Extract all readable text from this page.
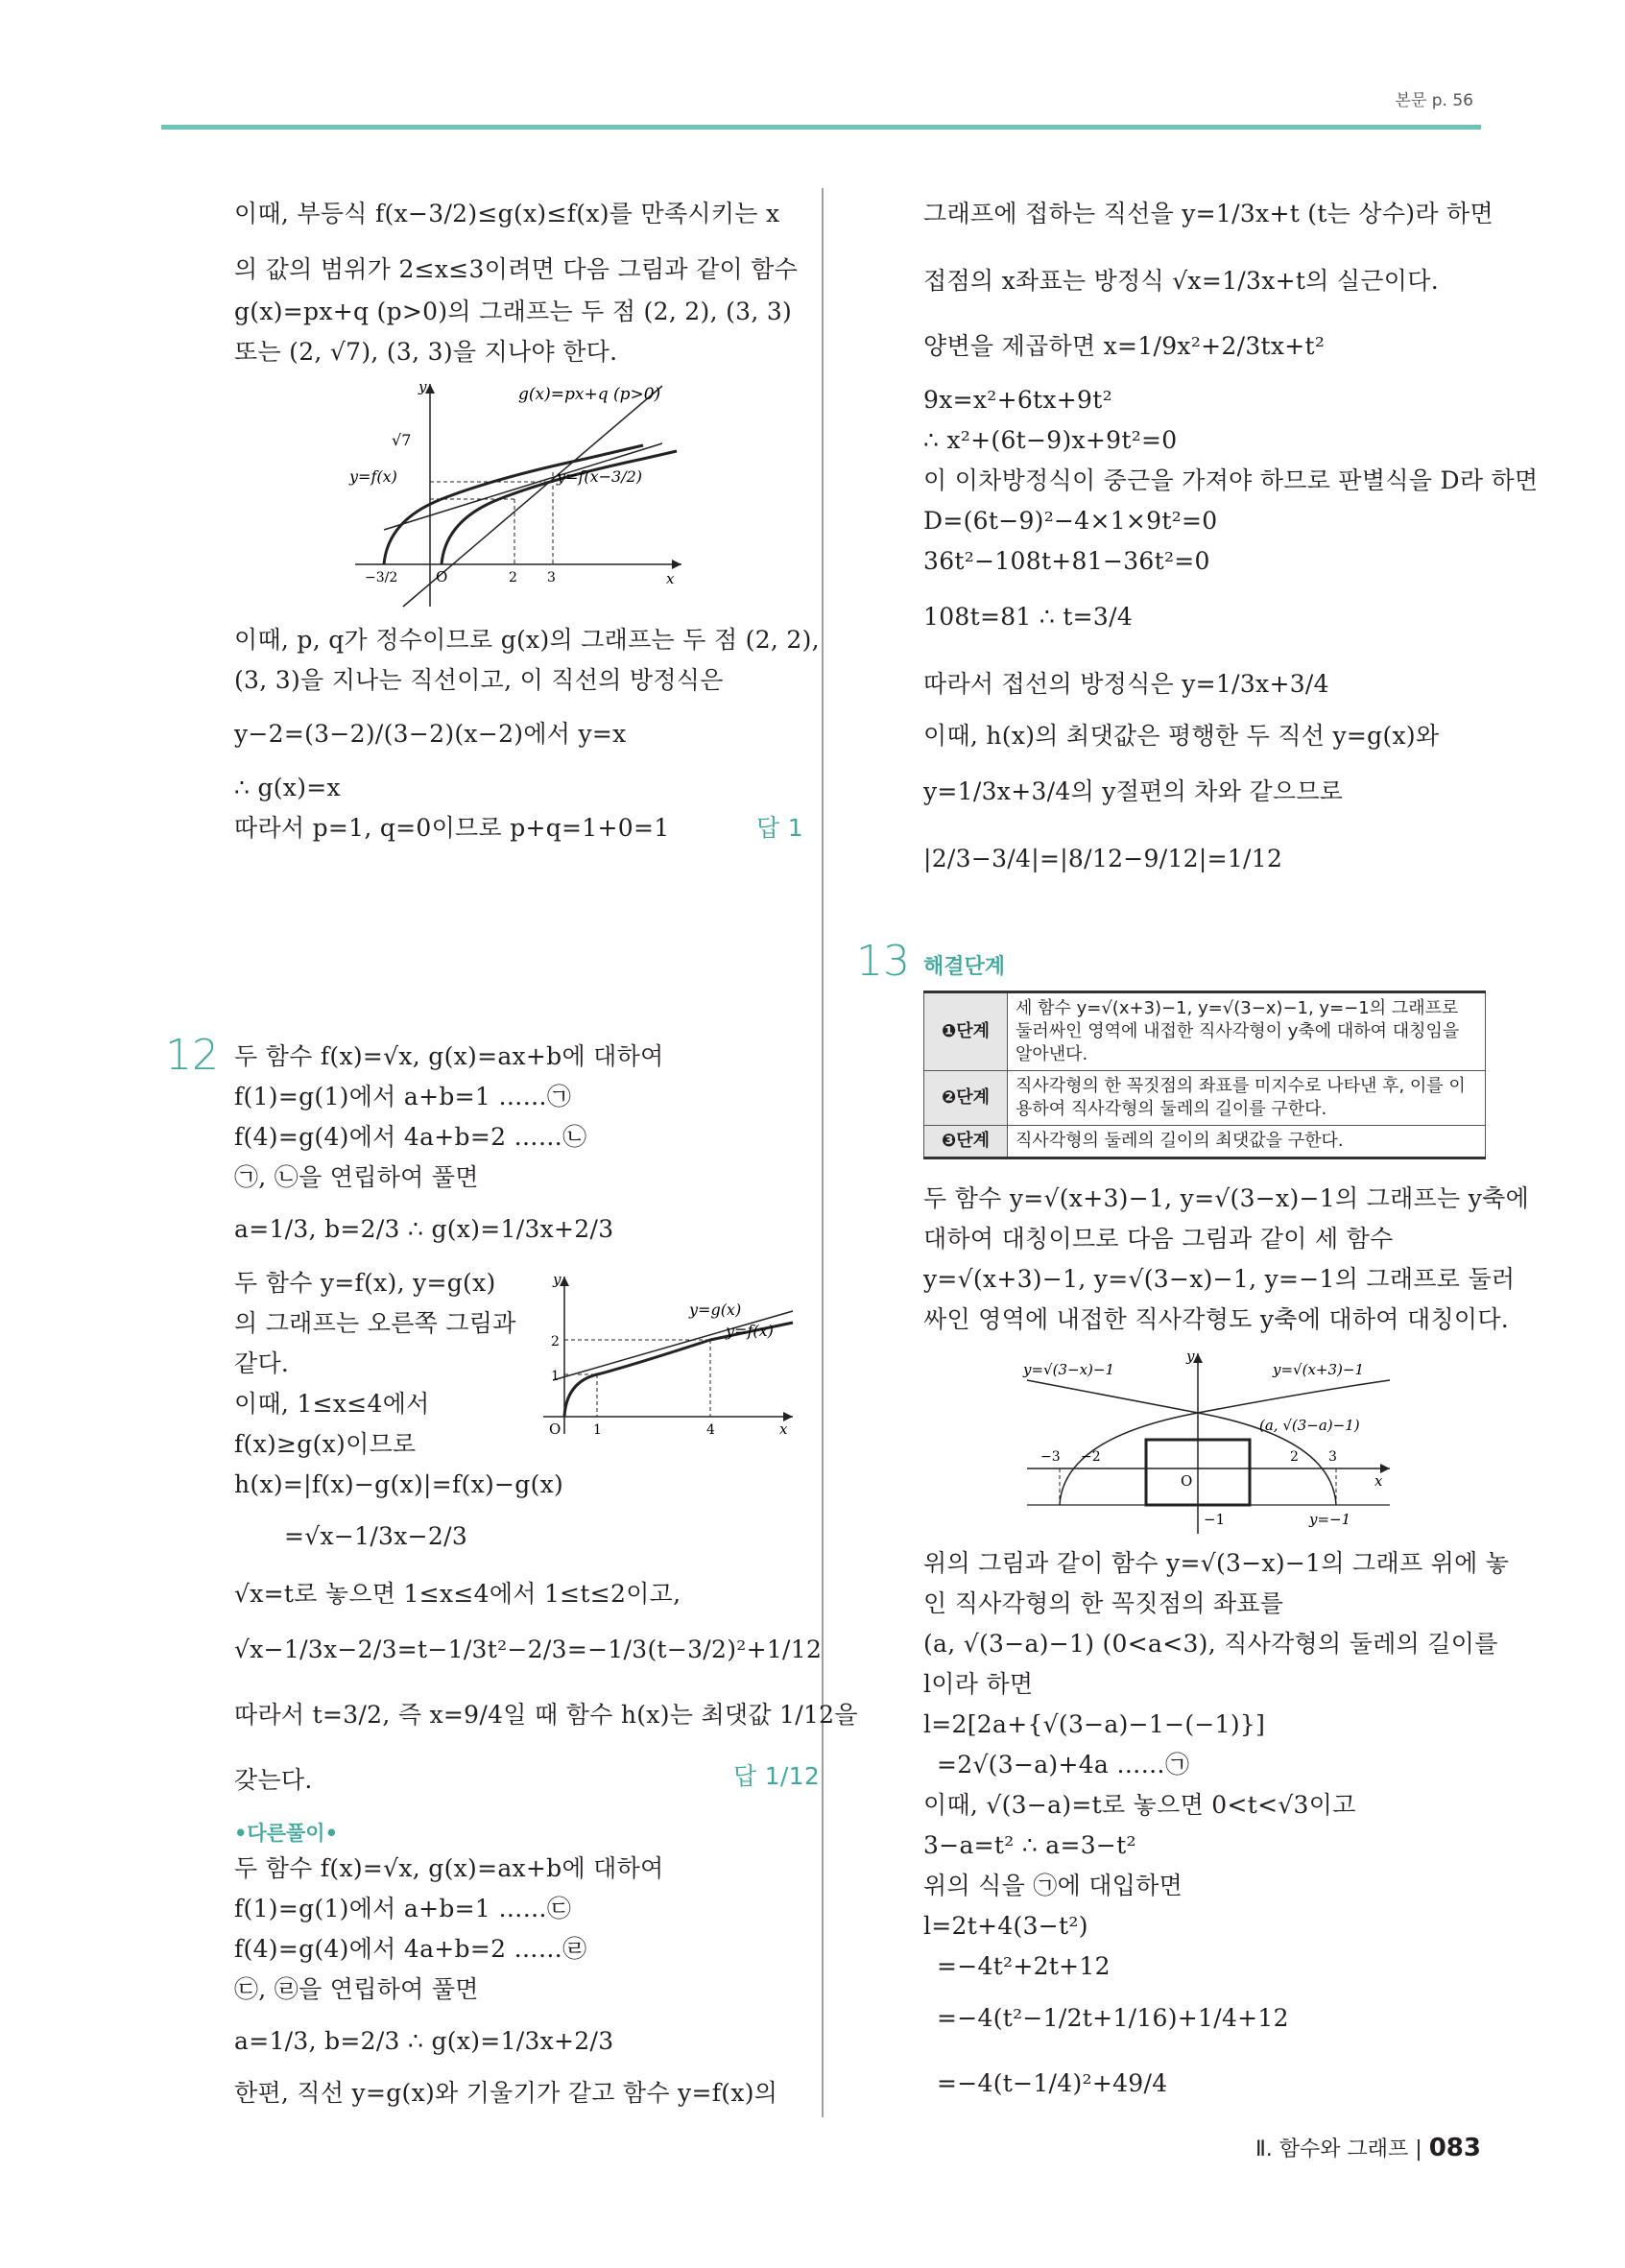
본문 p. 56
이때, 부등식 f(x−3/2)≤g(x)≤f(x)를 만족시키는 x
의 값의 범위가 2≤x≤3이려면 다음 그림과 같이 함수
g(x)=px+q (p>0)의 그래프는 두 점 (2, 2), (3, 3)
또는 (2, √7), (3, 3)을 지나야 한다.
g(x)=px+q (p>0)
y=f(x)	y=f(x−3/2)
√7
y
x
O
−3/2	2 3
이때, p, q가 정수이므로 g(x)의 그래프는 두 점 (2, 2),
(3, 3)을 지나는 직선이고, 이 직선의 방정식은
y−2=(3−2)/(3−2)(x−2)에서 y=x
∴ g(x)=x
따라서 p=1, q=0이므로 p+q=1+0=1	답 1
12 두 함수 f(x)=√x, g(x)=ax+b에 대하여
f(1)=g(1)에서 a+b=1 ……㉠
f(4)=g(4)에서 4a+b=2 ……㉡
㉠, ㉡을 연립하여 풀면
a=1/3, b=2/3 ∴ g(x)=1/3x+2/3
두 함수 y=f(x), y=g(x)
의 그래프는 오른쪽 그림과
같다.
이때, 1≤x≤4에서
f(x)≥g(x)이므로
h(x)=|f(x)−g(x)|=f(x)−g(x)
=√x−1/3x−2/3
√x=t로 놓으면 1≤x≤4에서 1≤t≤2이고,
√x−1/3x−2/3=t−1/3t²−2/3=−1/3(t−3/2)²+1/12
따라서 t=3/2, 즉 x=9/4일 때 함수 h(x)는 최댓값 1/12을
갖는다.	답 1/12
y=g(x)
y=f(x)
y
x
O 1	4
1
2
•다른풀이•
두 함수 f(x)=√x, g(x)=ax+b에 대하여
f(1)=g(1)에서 a+b=1 ……㉢
f(4)=g(4)에서 4a+b=2 ……㉣
㉢, ㉣을 연립하여 풀면
a=1/3, b=2/3 ∴ g(x)=1/3x+2/3
한편, 직선 y=g(x)와 기울기가 같고 함수 y=f(x)의
그래프에 접하는 직선을 y=1/3x+t (t는 상수)라 하면
접점의 x좌표는 방정식 √x=1/3x+t의 실근이다.
양변을 제곱하면 x=1/9x²+2/3tx+t²
9x=x²+6tx+9t²
∴ x²+(6t−9)x+9t²=0
이 이차방정식이 중근을 가져야 하므로 판별식을 D라 하면
D=(6t−9)²−4×1×9t²=0
36t²−108t+81−36t²=0
108t=81 ∴ t=3/4
따라서 접선의 방정식은 y=1/3x+3/4
이때, h(x)의 최댓값은 평행한 두 직선 y=g(x)와
y=1/3x+3/4의 y절편의 차와 같으므로
|2/3−3/4|=|8/12−9/12|=1/12
13 해결단계
❶단계	세 함수 y=√(x+3)−1, y=√(3−x)−1, y=−1의 그래프로 둘러싸인 영역에 내접한 직사각형이 y축에 대하여 대칭임을 알아낸다.
❷단계	직사각형의 한 꼭짓점의 좌표를 미지수로 나타낸 후, 이를 이용하여 직사각형의 둘레의 길이를 구한다.
❸단계	직사각형의 둘레의 길이의 최댓값을 구한다.
두 함수 y=√(x+3)−1, y=√(3−x)−1의 그래프는 y축에
대하여 대칭이므로 다음 그림과 같이 세 함수
y=√(x+3)−1, y=√(3−x)−1, y=−1의 그래프로 둘러
싸인 영역에 내접한 직사각형도 y축에 대하여 대칭이다.
y=√(3−x)−1	y=√(x+3)−1
(a, √(3−a)−1)
y
x
O
−1	y=−1
−3 −2	2 3
위의 그림과 같이 함수 y=√(3−x)−1의 그래프 위에 놓
인 직사각형의 한 꼭짓점의 좌표를
(a, √(3−a)−1) (0<a<3), 직사각형의 둘레의 길이를
l이라 하면
l=2[2a+{√(3−a)−1−(−1)}]
=2√(3−a)+4a ……㉠
이때, √(3−a)=t로 놓으면 0<t<√3이고
3−a=t² ∴ a=3−t²
위의 식을 ㉠에 대입하면
l=2t+4(3−t²)
=−4t²+2t+12
=−4(t²−1/2t+1/16)+1/4+12
=−4(t−1/4)²+49/4
Ⅱ. 함수와 그래프 | 083
